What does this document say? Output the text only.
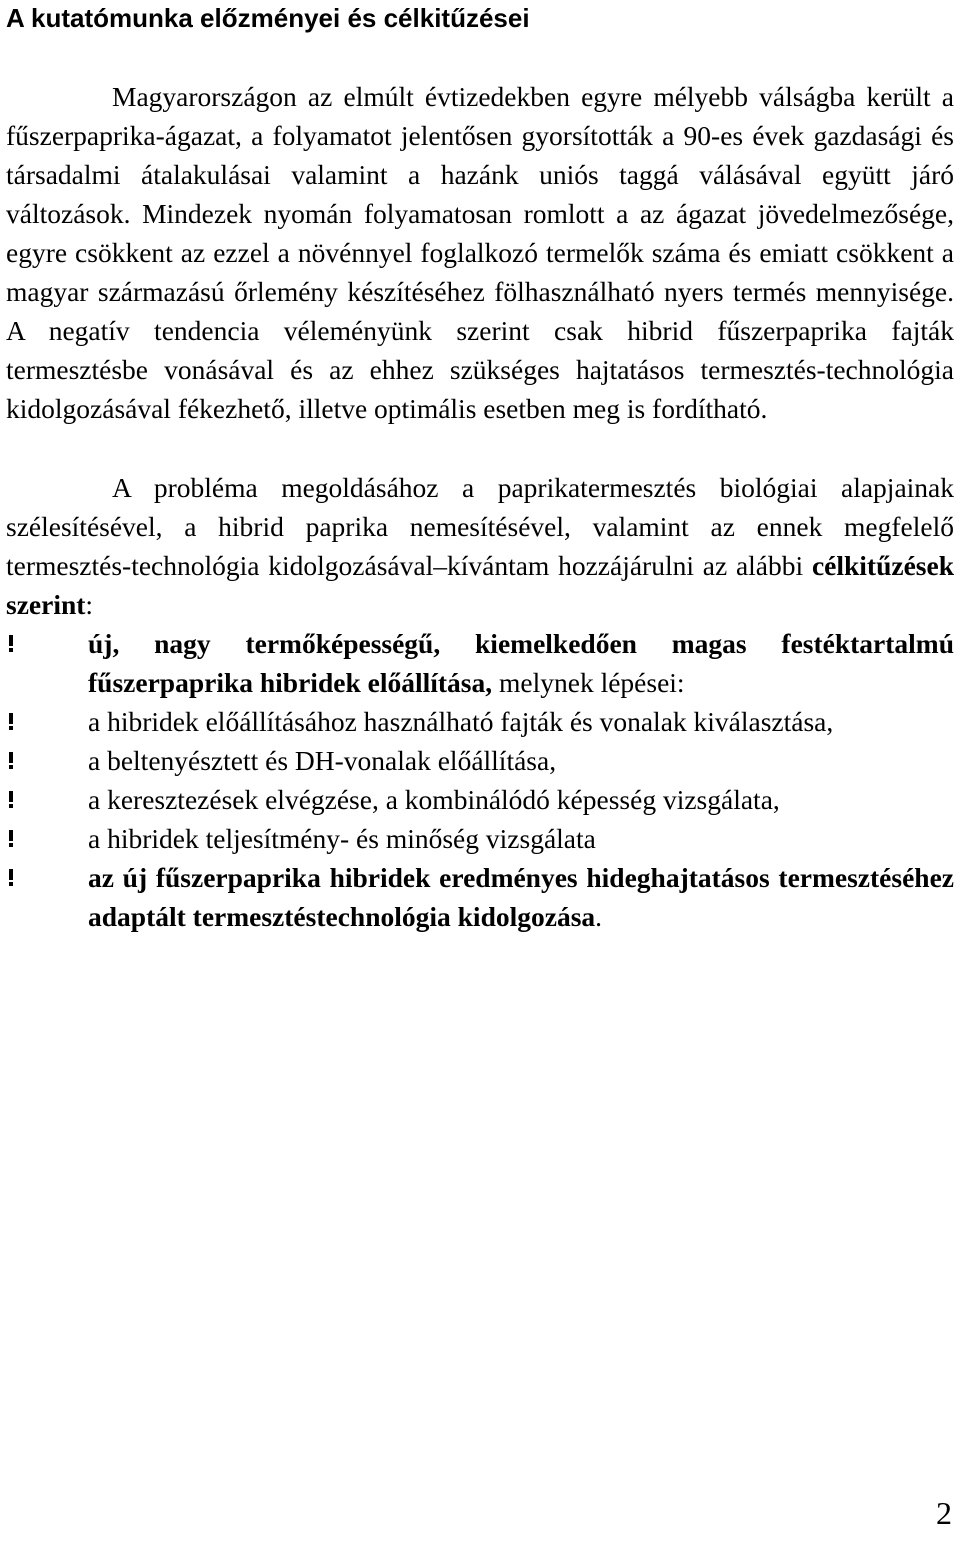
A kutatómunka előzményei és célkitűzései

Magyarországon az elmúlt évtizedekben egyre mélyebb válságba került a fűszerpaprika-ágazat, a folyamatot jelentősen gyorsították a 90-es évek gazdasági és társadalmi átalakulásai valamint a hazánk uniós taggá válásával együtt járó változások. Mindezek nyomán folyamatosan romlott a az ágazat jövedelmezősége, egyre csökkent az ezzel a növénnyel foglalkozó termelők száma és emiatt csökkent a magyar származású őrlemény készítéséhez fölhasználható nyers termés mennyisége. A negatív tendencia véleményünk szerint csak hibrid fűszerpaprika fajták termesztésbe vonásával és az ehhez szükséges hajtatásos termesztés-technológia kidolgozásával fékezhető, illetve optimális esetben meg is fordítható.

A probléma megoldásához a paprikatermesztés biológiai alapjainak szélesítésével, a hibrid paprika nemesítésével, valamint az ennek megfelelő termesztés-technológia kidolgozásával–kívántam hozzájárulni az alábbi célkitűzések szerint:

új, nagy termőképességű, kiemelkedően magas festéktartalmú fűszerpaprika hibridek előállítása, melynek lépései:
a hibridek előállításához használható fajták és vonalak kiválasztása,
a beltenyésztett és DH-vonalak előállítása,
a keresztezések elvégzése, a kombinálódó képesség vizsgálata,
a hibridek teljesítmény- és minőség vizsgálata
az új fűszerpaprika hibridek eredményes hideghajtatásos termesztéséhez adaptált termesztéstechnológia kidolgozása.
2
